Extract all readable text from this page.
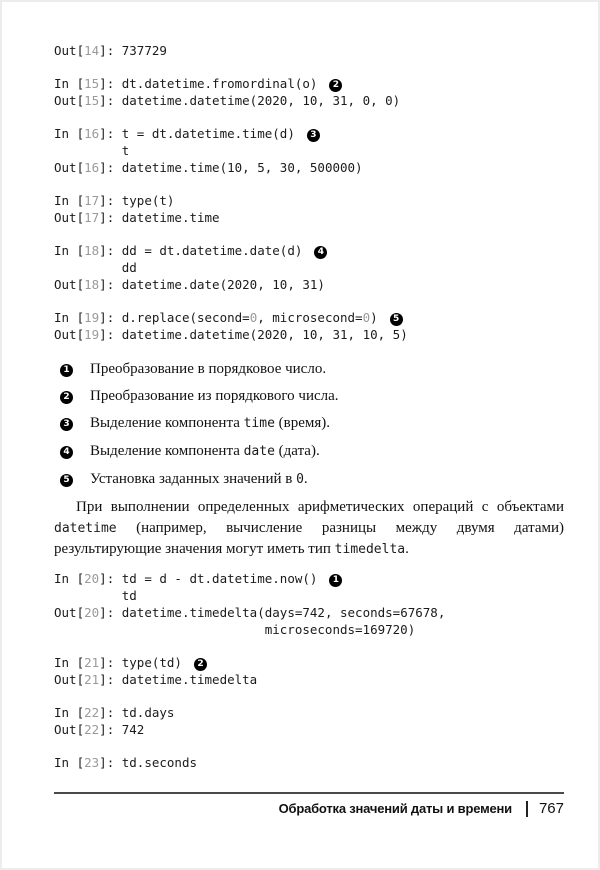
Out[14]: 737729
In [15]: dt.datetime.fromordinal(o) 2
Out[15]: datetime.datetime(2020, 10, 31, 0, 0)
In [16]: t = dt.datetime.time(d) 3
t
Out[16]: datetime.time(10, 5, 30, 500000)
In [17]: type(t)
Out[17]: datetime.time
In [18]: dd = dt.datetime.date(d) 4
dd
Out[18]: datetime.date(2020, 10, 31)
In [19]: d.replace(second=0, microsecond=0) 5
Out[19]: datetime.datetime(2020, 10, 31, 10, 5)
1 Преобразование в порядковое число.
2 Преобразование из порядкового числа.
3 Выделение компонента time (время).
4 Выделение компонента date (дата).
5 Установка заданных значений в 0.

При выполнении определенных арифметических операций с объектами datetime (например, вычисление разницы между двумя датами) результирующие значения могут иметь тип timedelta.

In [20]: td = d - dt.datetime.now() 1
td
Out[20]: datetime.timedelta(days=742, seconds=67678,
microseconds=169720)
In [21]: type(td) 2
Out[21]: datetime.timedelta
In [22]: td.days
Out[22]: 742
In [23]: td.seconds
Обработка значений даты и времени 767
